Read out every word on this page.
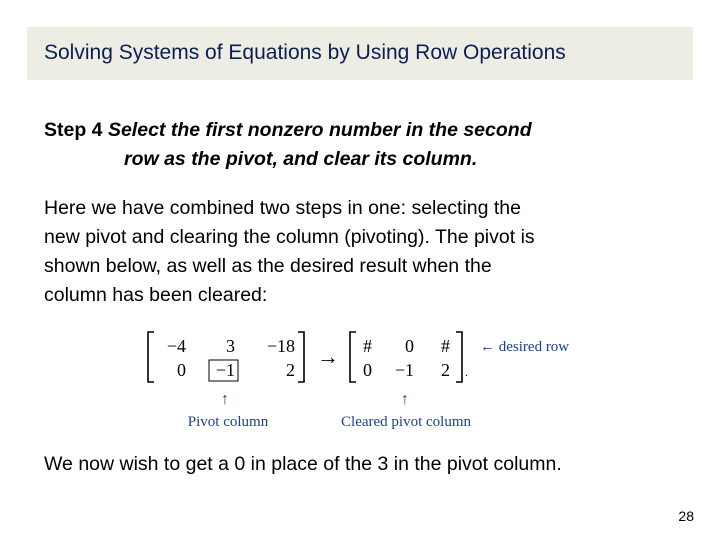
Solving Systems of Equations by Using Row Operations
Step 4 Select the first nonzero number in the second
row as the pivot, and clear its column.
Here we have combined two steps in one: selecting the
new pivot and clearing the column (pivoting). The pivot is
shown below, as well as the desired result when the
column has been cleared:
−4 3 −18
0 −1	2
→ # 0 #
0 −1 2 .
← desired row
↑	↑
Pivot column	Cleared pivot column
We now wish to get a 0 in place of the 3 in the pivot column.
28
